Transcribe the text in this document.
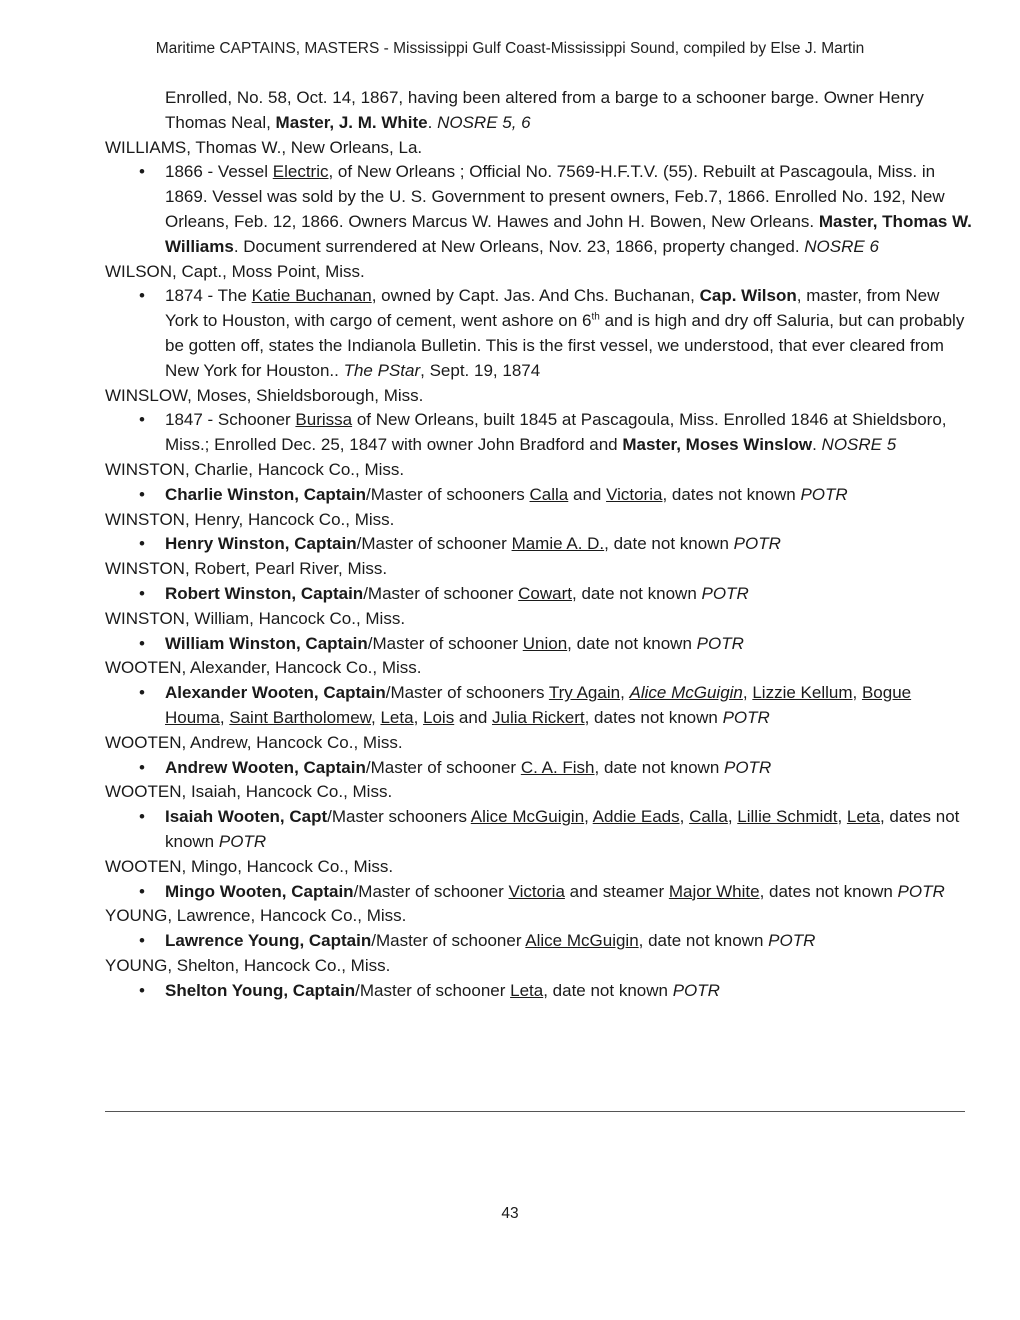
Maritime CAPTAINS, MASTERS - Mississippi Gulf Coast-Mississippi Sound, compiled by Else J. Martin
Enrolled, No. 58, Oct. 14, 1867, having been altered from a barge to a schooner barge. Owner Henry Thomas Neal, Master, J. M. White. NOSRE 5, 6
WILLIAMS, Thomas W., New Orleans, La.
• 1866 - Vessel Electric, of New Orleans ; Official No. 7569-H.F.T.V. (55). Rebuilt at Pascagoula, Miss. in 1869. Vessel was sold by the U. S. Government to present owners, Feb.7, 1866. Enrolled No. 192, New Orleans, Feb. 12, 1866. Owners Marcus W. Hawes and John H. Bowen, New Orleans. Master, Thomas W. Williams. Document surrendered at New Orleans, Nov. 23, 1866, property changed. NOSRE 6
WILSON, Capt., Moss Point, Miss.
• 1874 - The Katie Buchanan, owned by Capt. Jas. And Chs. Buchanan, Cap. Wilson, master, from New York to Houston, with cargo of cement, went ashore on 6th and is high and dry off Saluria, but can probably be gotten off, states the Indianola Bulletin. This is the first vessel, we understood, that ever cleared from New York for Houston.. The PStar, Sept. 19, 1874
WINSLOW, Moses, Shieldsborough, Miss.
• 1847 - Schooner Burissa of New Orleans, built 1845 at Pascagoula, Miss. Enrolled 1846 at Shieldsboro, Miss.; Enrolled Dec. 25, 1847 with owner John Bradford and Master, Moses Winslow. NOSRE 5
WINSTON, Charlie, Hancock Co., Miss.
• Charlie Winston, Captain/Master of schooners Calla and Victoria, dates not known POTR
WINSTON, Henry, Hancock Co., Miss.
• Henry Winston, Captain/Master of schooner Mamie A. D., date not known POTR
WINSTON, Robert, Pearl River, Miss.
• Robert Winston, Captain/Master of schooner Cowart, date not known POTR
WINSTON, William, Hancock Co., Miss.
• William Winston, Captain/Master of schooner Union, date not known POTR
WOOTEN, Alexander, Hancock Co., Miss.
• Alexander Wooten, Captain/Master of schooners Try Again, Alice McGuigin, Lizzie Kellum, Bogue Houma, Saint Bartholomew, Leta, Lois and Julia Rickert, dates not known POTR
WOOTEN, Andrew, Hancock Co., Miss.
• Andrew Wooten, Captain/Master of schooner C. A. Fish, date not known POTR
WOOTEN, Isaiah, Hancock Co., Miss.
• Isaiah Wooten, Capt/Master schooners Alice McGuigin, Addie Eads, Calla, Lillie Schmidt, Leta, dates not known POTR
WOOTEN, Mingo, Hancock Co., Miss.
• Mingo Wooten, Captain/Master of schooner Victoria and steamer Major White, dates not known POTR
YOUNG, Lawrence, Hancock Co., Miss.
• Lawrence Young, Captain/Master of schooner Alice McGuigin, date not known POTR
YOUNG, Shelton, Hancock Co., Miss.
• Shelton Young, Captain/Master of schooner Leta, date not known POTR
43
